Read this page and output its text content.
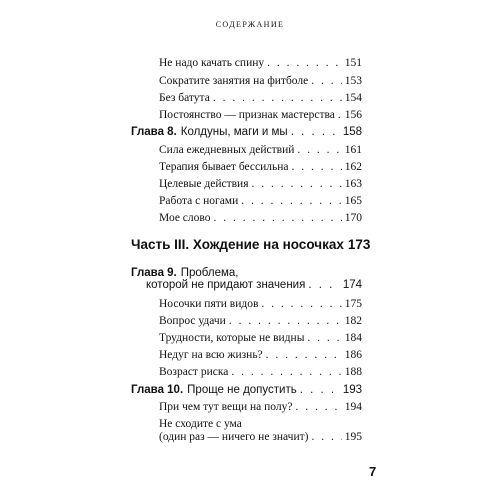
СОДЕРЖАНИЕ
Не надо качать спину . . .	151
Сократите занятия на фитболе . . .	153
Без батута . . .	154
Постоянство — признак мастерства . . . 156
Глава 8. Колдуны, маги и мы . . .	158
Сила ежедневных действий . . .	161
Терапия бывает бессильна . . .	162
Целевые действия . . .	163
Работа с ногами . . .	165
Мое слово . . .	170
Часть III. Хождение на носочках 173
Глава 9. Проблема,
которой не придают значения . . .	174
Носочки пяти видов . . .	175
Вопрос удачи . . .	182
Трудности, которые не видны . . .	184
Недуг на всю жизнь? . . .	186
Возраст риска . . .	188
Глава 10. Проще не допустить . . .	193
При чем тут вещи на полу? . . .	194
Не сходите с ума
(один раз — ничего не значит) . . .	195
7
